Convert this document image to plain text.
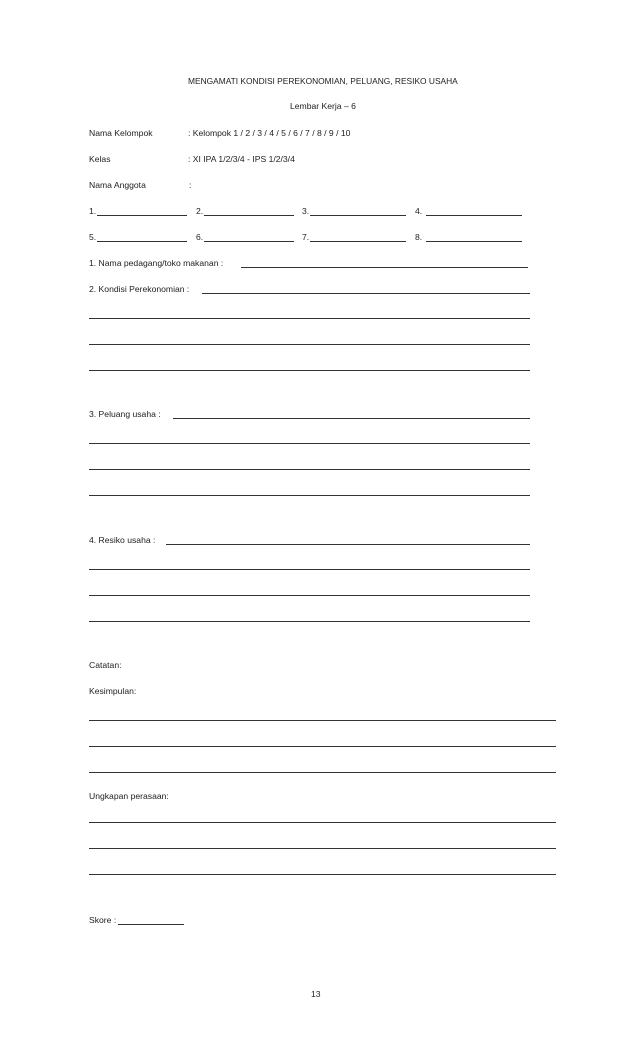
MENGAMATI KONDISI PEREKONOMIAN, PELUANG, RESIKO USAHA
Lembar Kerja – 6
Nama Kelompok	: Kelompok 1 / 2 / 3 / 4 / 5 / 6 / 7 / 8 / 9 / 10
Kelas	: XI IPA 1/2/3/4 - IPS 1/2/3/4
Nama Anggota	:
1.	2.	3.	4.
5.	6.	7.	8.
1. Nama pedagang/toko makanan :
2. Kondisi Perekonomian :
3. Peluang usaha :
4. Resiko usaha :
Catatan:
Kesimpulan:
Ungkapan perasaan:
Skore :
13
